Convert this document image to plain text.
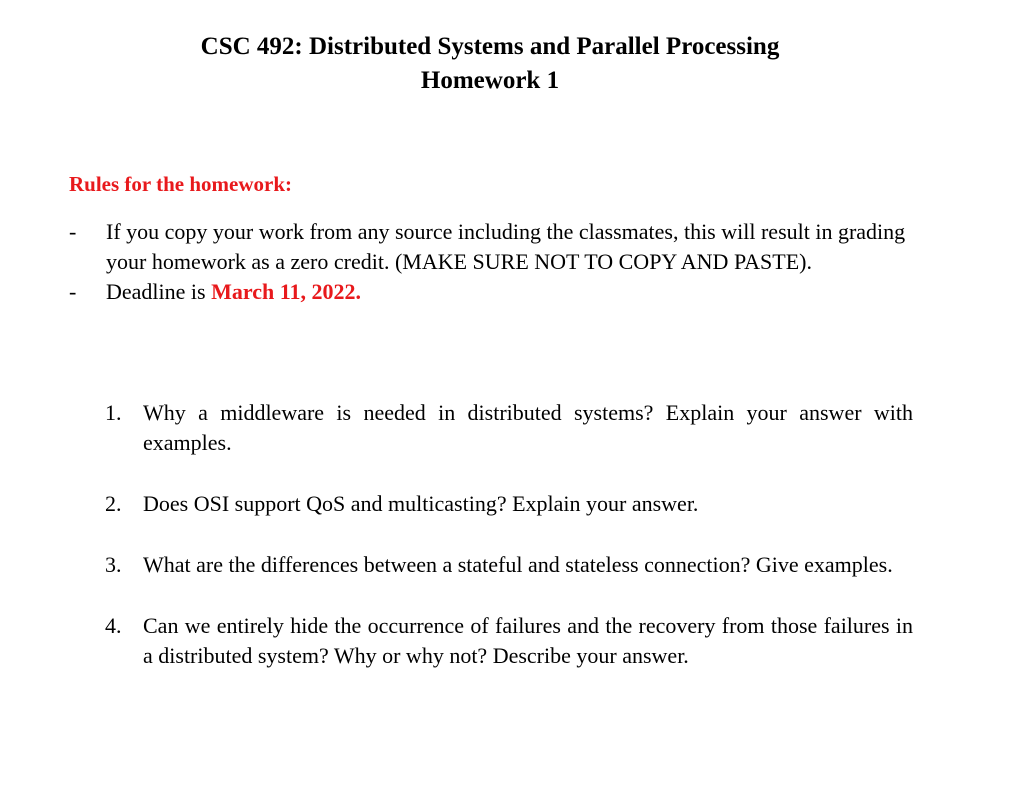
CSC 492: Distributed Systems and Parallel Processing
Homework 1
Rules for the homework:
- If you copy your work from any source including the classmates, this will result in grading your homework as a zero credit. (MAKE SURE NOT TO COPY AND PASTE).
- Deadline is March 11, 2022.
1. Why a middleware is needed in distributed systems? Explain your answer with examples.
2. Does OSI support QoS and multicasting? Explain your answer.
3. What are the differences between a stateful and stateless connection? Give examples.
4. Can we entirely hide the occurrence of failures and the recovery from those failures in a distributed system? Why or why not? Describe your answer.
